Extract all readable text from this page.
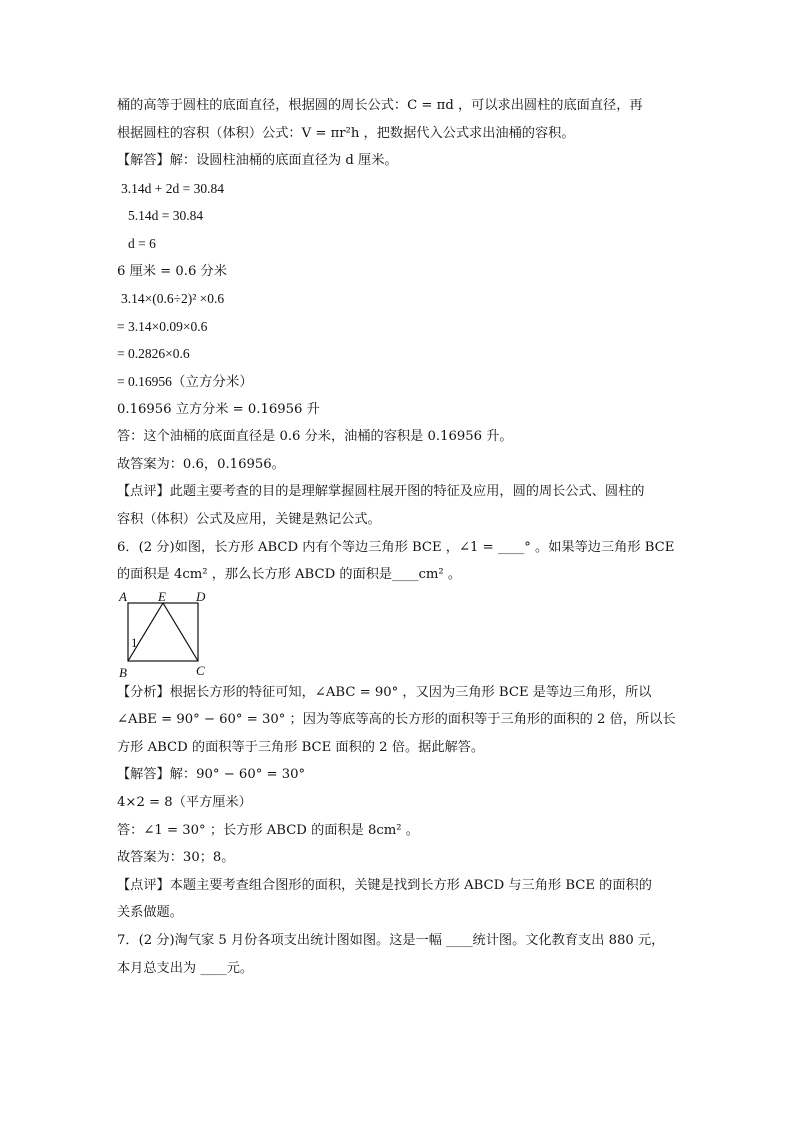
桶的高等于圆柱的底面直径，根据圆的周长公式：C = πd ，可以求出圆柱的底面直径，再
根据圆柱的容积（体积）公式：V = πr²h ，把数据代入公式求出油桶的容积。
【解答】解：设圆柱油桶的底面直径为 d 厘米。
3.14d + 2d = 30.84
5.14d = 30.84
d = 6
6 厘米 = 0.6 分米
3.14×(0.6÷2)² ×0.6
= 3.14×0.09×0.6
= 0.2826×0.6
= 0.16956（立方分米）
0.16956 立方分米 = 0.16956 升
答：这个油桶的底面直径是 0.6 分米，油桶的容积是 0.16956 升。
故答案为：0.6，0.16956。
【点评】此题主要考查的目的是理解掌握圆柱展开图的特征及应用，圆的周长公式、圆柱的
容积（体积）公式及应用，关键是熟记公式。
6．(2 分)如图，长方形 ABCD 内有个等边三角形 BCE ，∠1 = ____° 。如果等边三角形 BCE
的面积是 4cm² ，那么长方形 ABCD 的面积是____cm² 。
A E D
1
B	C
【分析】根据长方形的特征可知，∠ABC = 90° ，又因为三角形 BCE 是等边三角形，所以
∠ABE = 90° − 60° = 30° ；因为等底等高的长方形的面积等于三角形的面积的 2 倍，所以长
方形 ABCD 的面积等于三角形 BCE 面积的 2 倍。据此解答。
【解答】解：90° − 60° = 30°
4×2 = 8（平方厘米）
答：∠1 = 30° ；长方形 ABCD 的面积是 8cm² 。
故答案为：30；8。
【点评】本题主要考查组合图形的面积，关键是找到长方形 ABCD 与三角形 BCE 的面积的
关系做题。
7．(2 分)淘气家 5 月份各项支出统计图如图。这是一幅 ____统计图。文化教育支出 880 元，
本月总支出为 ____元。
